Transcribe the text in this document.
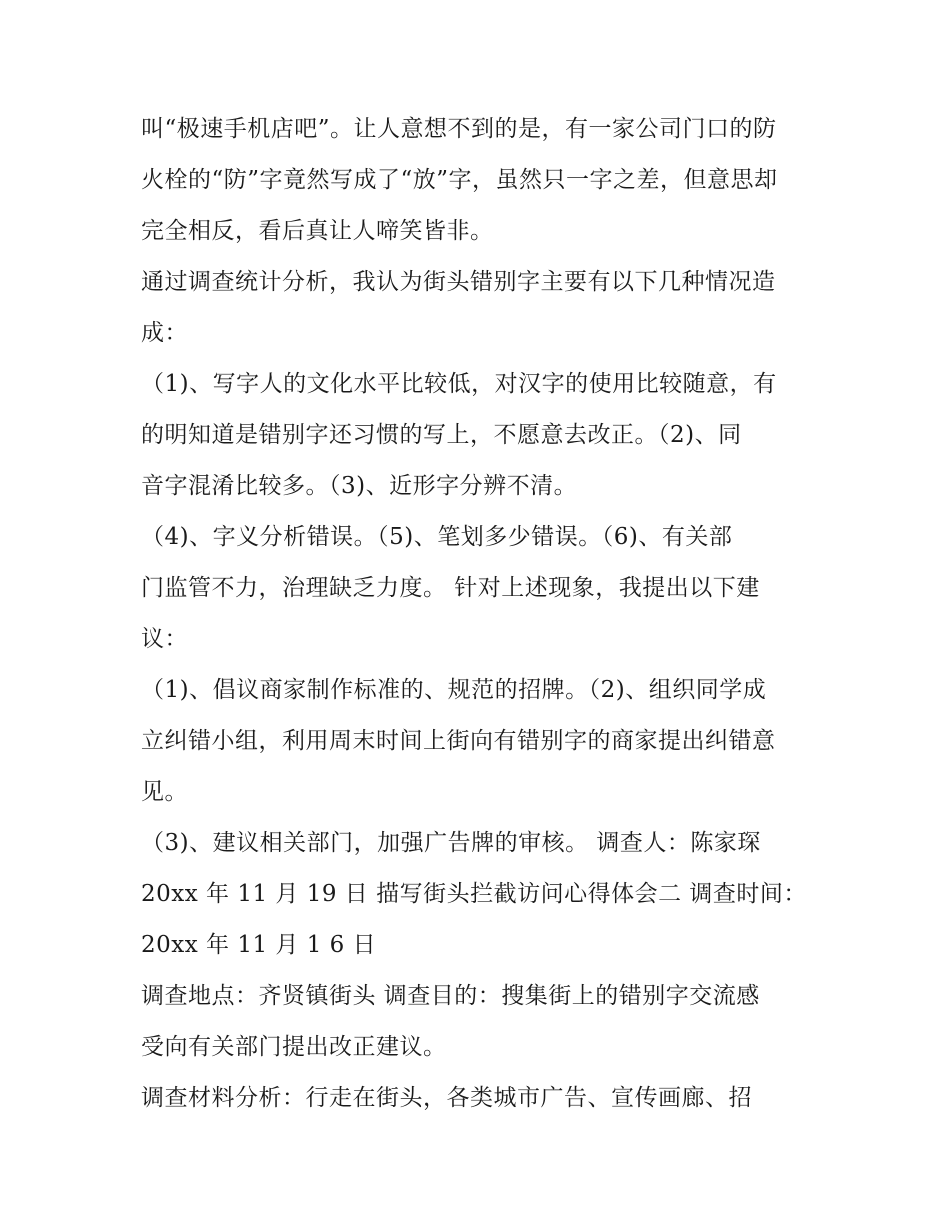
叫“极速手机店吧”。让人意想不到的是，有一家公司门口的防
火栓的“防”字竟然写成了“放”字，虽然只一字之差，但意思却
完全相反，看后真让人啼笑皆非。
通过调查统计分析，我认为街头错别字主要有以下几种情况造
成：
（1)、写字人的文化水平比较低，对汉字的使用比较随意，有
的明知道是错别字还习惯的写上，不愿意去改正。（2)、同
音字混淆比较多。（3)、近形字分辨不清。
（4)、字义分析错误。（5)、笔划多少错误。（6)、有关部
门监管不力，治理缺乏力度。 针对上述现象，我提出以下建
议：
（1)、倡议商家制作标准的、规范的招牌。（2)、组织同学成
立纠错小组，利用周末时间上街向有错别字的商家提出纠错意
见。
（3)、建议相关部门，加强广告牌的审核。 调查人：陈家琛
20xx 年 11 月 19 日 描写街头拦截访问心得体会二 调查时间：
20xx 年 11 月 1 6 日
调查地点：齐贤镇街头 调查目的：搜集街上的错别字交流感
受向有关部门提出改正建议。
调查材料分析：行走在街头，各类城市广告、宣传画廊、招
